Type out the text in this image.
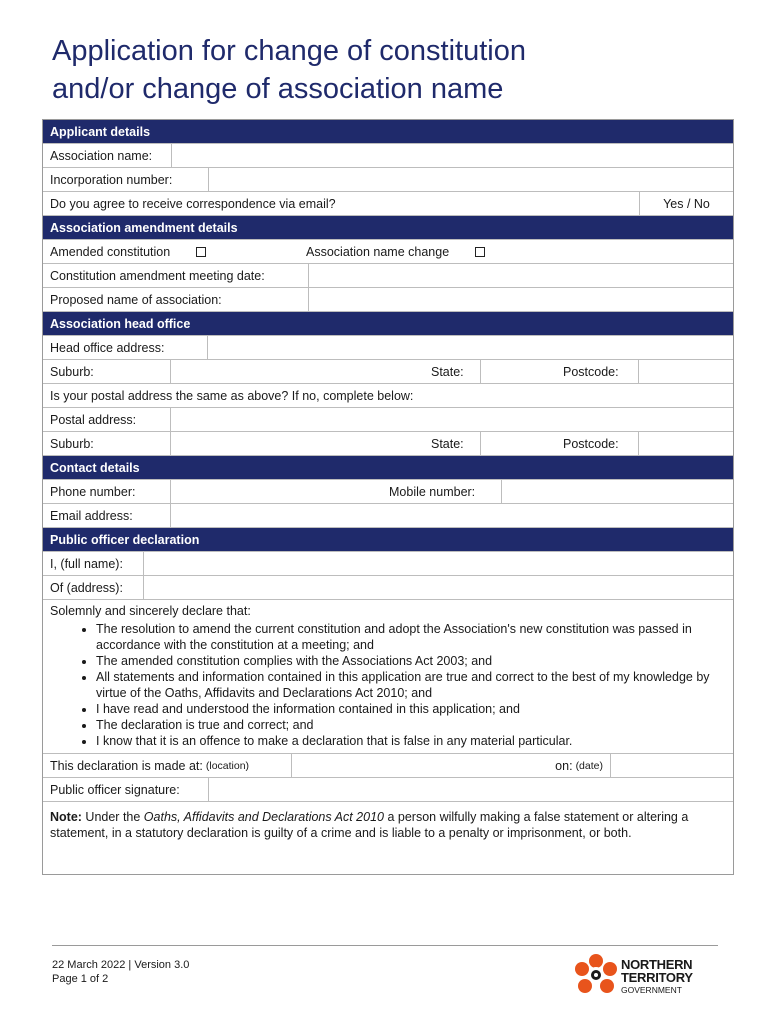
Application for change of constitution
and/or change of association name
Applicant details
Association name:
Incorporation number:
Do you agree to receive correspondence via email?	Yes / No
Association amendment details
Amended constitution	Association name change
Constitution amendment meeting date:
Proposed name of association:
Association head office
Head office address:
Suburb:	State:	Postcode:
Is your postal address the same as above? If no, complete below:
Postal address:
Suburb:	State:	Postcode:
Contact details
Phone number:	Mobile number:
Email address:
Public officer declaration
I, (full name):
Of (address):
Solemnly and sincerely declare that:
• The resolution to amend the current constitution and adopt the Association's new constitution was passed in accordance with the constitution at a meeting; and
• The amended constitution complies with the Associations Act 2003; and
• All statements and information contained in this application are true and correct to the best of my knowledge by virtue of the Oaths, Affidavits and Declarations Act 2010; and
• I have read and understood the information contained in this application; and
• The declaration is true and correct; and
• I know that it is an offence to make a declaration that is false in any material particular.
This declaration is made at: (location)	on: (date)
Public officer signature:
Note: Under the Oaths, Affidavits and Declarations Act 2010 a person wilfully making a false statement or altering a statement, in a statutory declaration is guilty of a crime and is liable to a penalty or imprisonment, or both.
22 March 2022 | Version 3.0
Page 1 of 2
NORTHERN
TERRITORY
GOVERNMENT
